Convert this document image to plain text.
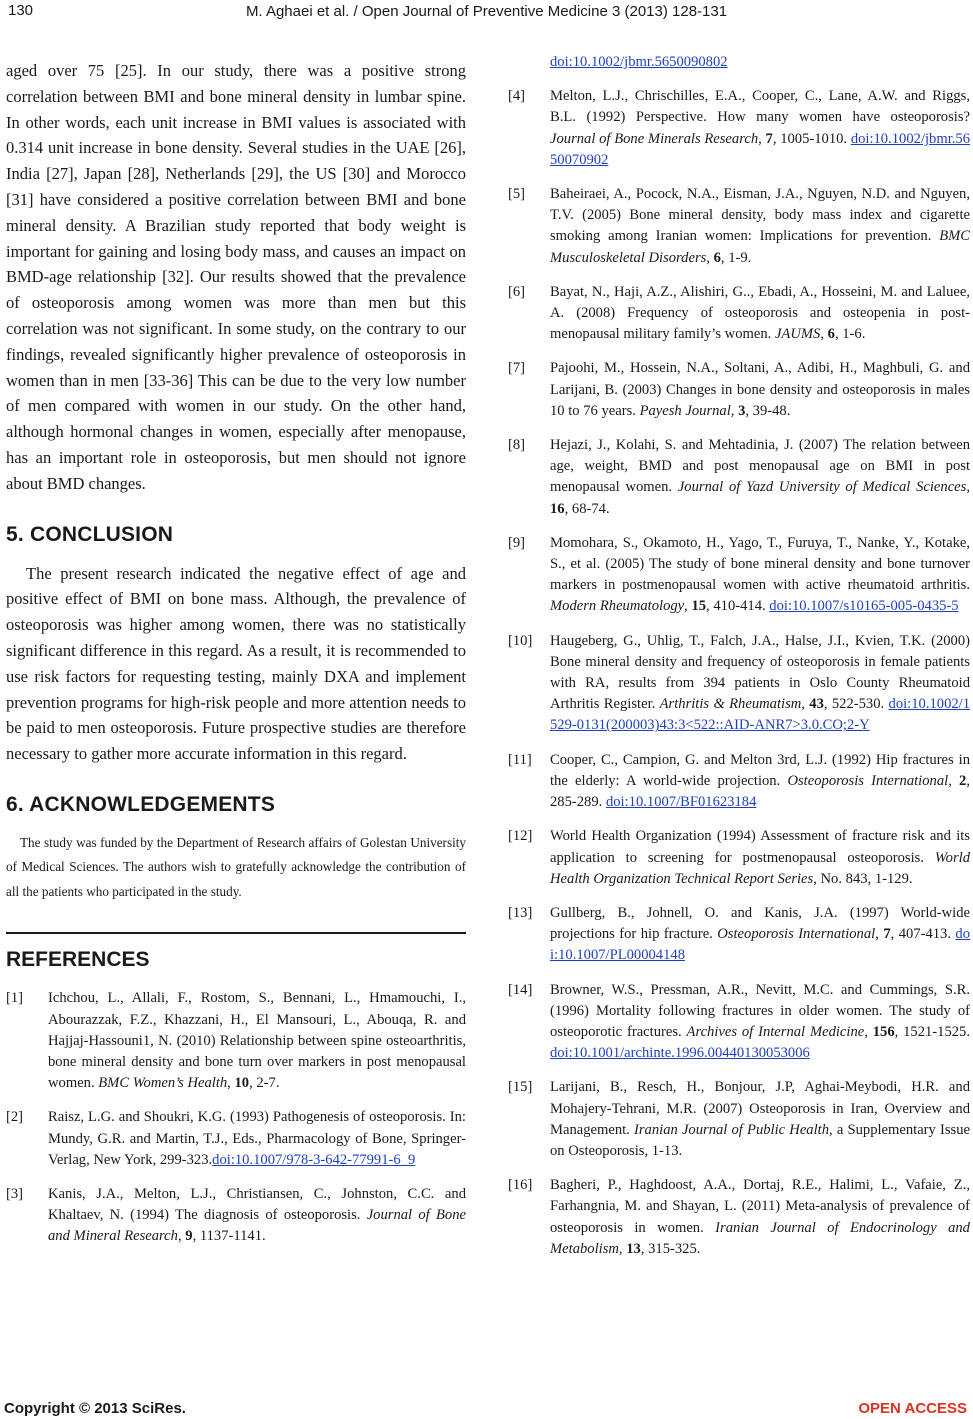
130	M. Aghaei et al. / Open Journal of Preventive Medicine 3 (2013) 128-131

aged over 75 [25]. In our study, there was a positive strong correlation between BMI and bone mineral density in lumbar spine. In other words, each unit increase in BMI values is associated with 0.314 unit increase in bone density. Several studies in the UAE [26], India [27], Japan [28], Netherlands [29], the US [30] and Morocco [31] have considered a positive correlation between BMI and bone mineral density. A Brazilian study reported that body weight is important for gaining and losing body mass, and causes an impact on BMD-age relationship [32]. Our results showed that the prevalence of osteoporosis among women was more than men but this correlation was not significant. In some study, on the contrary to our findings, revealed significantly higher prevalence of osteoporosis in women than in men [33-36] This can be due to the very low number of men compared with women in our study. On the other hand, although hormonal changes in women, especially after menopause, has an important role in osteoporosis, but men should not ignore about BMD changes.

5. CONCLUSION

The present research indicated the negative effect of age and positive effect of BMI on bone mass. Although, the prevalence of osteoporosis was higher among women, there was no statistically significant difference in this regard. As a result, it is recommended to use risk factors for requesting testing, mainly DXA and implement prevention programs for high-risk people and more attention needs to be paid to men osteoporosis. Future prospective studies are therefore necessary to gather more accurate information in this regard.

6. ACKNOWLEDGEMENTS

The study was funded by the Department of Research affairs of Golestan University of Medical Sciences. The authors wish to gratefully acknowledge the contribution of all the patients who participated in the study.

REFERENCES
[1]	Ichchou, L., Allali, F., Rostom, S., Bennani, L., Hmamouchi, I., Abourazzak, F.Z., Khazzani, H., El Mansouri, L., Abouqa, R. and Hajjaj-Hassouni1, N. (2010) Relationship between spine osteoarthritis, bone mineral density and bone turn over markers in post menopausal women. BMC Women’s Health, 10, 2-7.
[2]	Raisz, L.G. and Shoukri, K.G. (1993) Pathogenesis of osteoporosis. In: Mundy, G.R. and Martin, T.J., Eds., Pharmacology of Bone, Springer-Verlag, New York, 299-323.doi:10.1007/978-3-642-77991-6_9
[3]	Kanis, J.A., Melton, L.J., Christiansen, C., Johnston, C.C. and Khaltaev, N. (1994) The diagnosis of osteoporosis. Journal of Bone and Mineral Research, 9, 1137-1141.
doi:10.1002/jbmr.5650090802
[4]	Melton, L.J., Chrischilles, E.A., Cooper, C., Lane, A.W. and Riggs, B.L. (1992) Perspective. How many women have osteoporosis? Journal of Bone Minerals Research, 7, 1005-1010. doi:10.1002/jbmr.5650070902
[5]	Baheiraei, A., Pocock, N.A., Eisman, J.A., Nguyen, N.D. and Nguyen, T.V. (2005) Bone mineral density, body mass index and cigarette smoking among Iranian women: Implications for prevention. BMC Musculoskeletal Disorders, 6, 1-9.
[6]	Bayat, N., Haji, A.Z., Alishiri, G.., Ebadi, A., Hosseini, M. and Laluee, A. (2008) Frequency of osteoporosis and osteopenia in post-menopausal military family’s women. JAUMS, 6, 1-6.
[7]	Pajoohi, M., Hossein, N.A., Soltani, A., Adibi, H., Maghbuli, G. and Larijani, B. (2003) Changes in bone density and osteoporosis in males 10 to 76 years. Payesh Journal, 3, 39-48.
[8]	Hejazi, J., Kolahi, S. and Mehtadinia, J. (2007) The relation between age, weight, BMD and post menopausal age on BMI in post menopausal women. Journal of Yazd University of Medical Sciences, 16, 68-74.
[9]	Momohara, S., Okamoto, H., Yago, T., Furuya, T., Nanke, Y., Kotake, S., et al. (2005) The study of bone mineral density and bone turnover markers in postmenopausal women with active rheumatoid arthritis. Modern Rheumatology, 15, 410-414. doi:10.1007/s10165-005-0435-5
[10]	Haugeberg, G., Uhlig, T., Falch, J.A., Halse, J.I., Kvien, T.K. (2000) Bone mineral density and frequency of osteoporosis in female patients with RA, results from 394 patients in Oslo County Rheumatoid Arthritis Register. Arthritis & Rheumatism, 43, 522-530. doi:10.1002/1529-0131(200003)43:3<522::AID-ANR7>3.0.CO;2-Y
[11]	Cooper, C., Campion, G. and Melton 3rd, L.J. (1992) Hip fractures in the elderly: A world-wide projection. Osteoporosis International, 2, 285-289. doi:10.1007/BF01623184
[12]	World Health Organization (1994) Assessment of fracture risk and its application to screening for postmenopausal osteoporosis. World Health Organization Technical Report Series, No. 843, 1-129.
[13]	Gullberg, B., Johnell, O. and Kanis, J.A. (1997) World-wide projections for hip fracture. Osteoporosis International, 7, 407-413. doi:10.1007/PL00004148
[14]	Browner, W.S., Pressman, A.R., Nevitt, M.C. and Cummings, S.R. (1996) Mortality following fractures in older women. The study of osteoporotic fractures. Archives of Internal Medicine, 156, 1521-1525. doi:10.1001/archinte.1996.00440130053006
[15]	Larijani, B., Resch, H., Bonjour, J.P, Aghai-Meybodi, H.R. and Mohajery-Tehrani, M.R. (2007) Osteoporosis in Iran, Overview and Management. Iranian Journal of Public Health, a Supplementary Issue on Osteoporosis, 1-13.
[16]	Bagheri, P., Haghdoost, A.A., Dortaj, R.E., Halimi, L., Vafaie, Z., Farhangnia, M. and Shayan, L. (2011) Meta-analysis of prevalence of osteoporosis in women. Iranian Journal of Endocrinology and Metabolism, 13, 315-325.
Copyright © 2013 SciRes.	OPEN ACCESS
